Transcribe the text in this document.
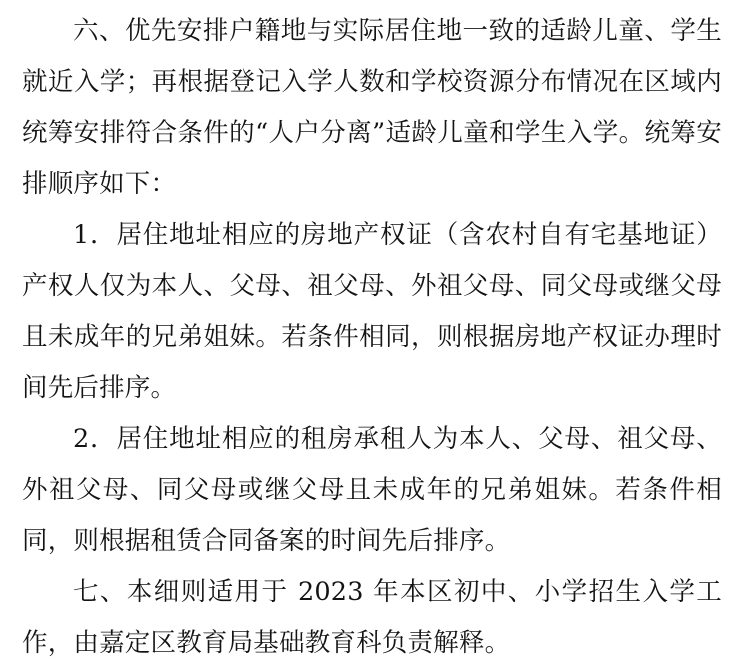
六、优先安排户籍地与实际居住地一致的适龄儿童、学生就近入学；再根据登记入学人数和学校资源分布情况在区域内统筹安排符合条件的“人户分离”适龄儿童和学生入学。统筹安排顺序如下：

1．居住地址相应的房地产权证（含农村自有宅基地证）产权人仅为本人、父母、祖父母、外祖父母、同父母或继父母且未成年的兄弟姐妹。若条件相同，则根据房地产权证办理时间先后排序。

2．居住地址相应的租房承租人为本人、父母、祖父母、外祖父母、同父母或继父母且未成年的兄弟姐妹。若条件相同，则根据租赁合同备案的时间先后排序。

七、本细则适用于 2023 年本区初中、小学招生入学工作，由嘉定区教育局基础教育科负责解释。
